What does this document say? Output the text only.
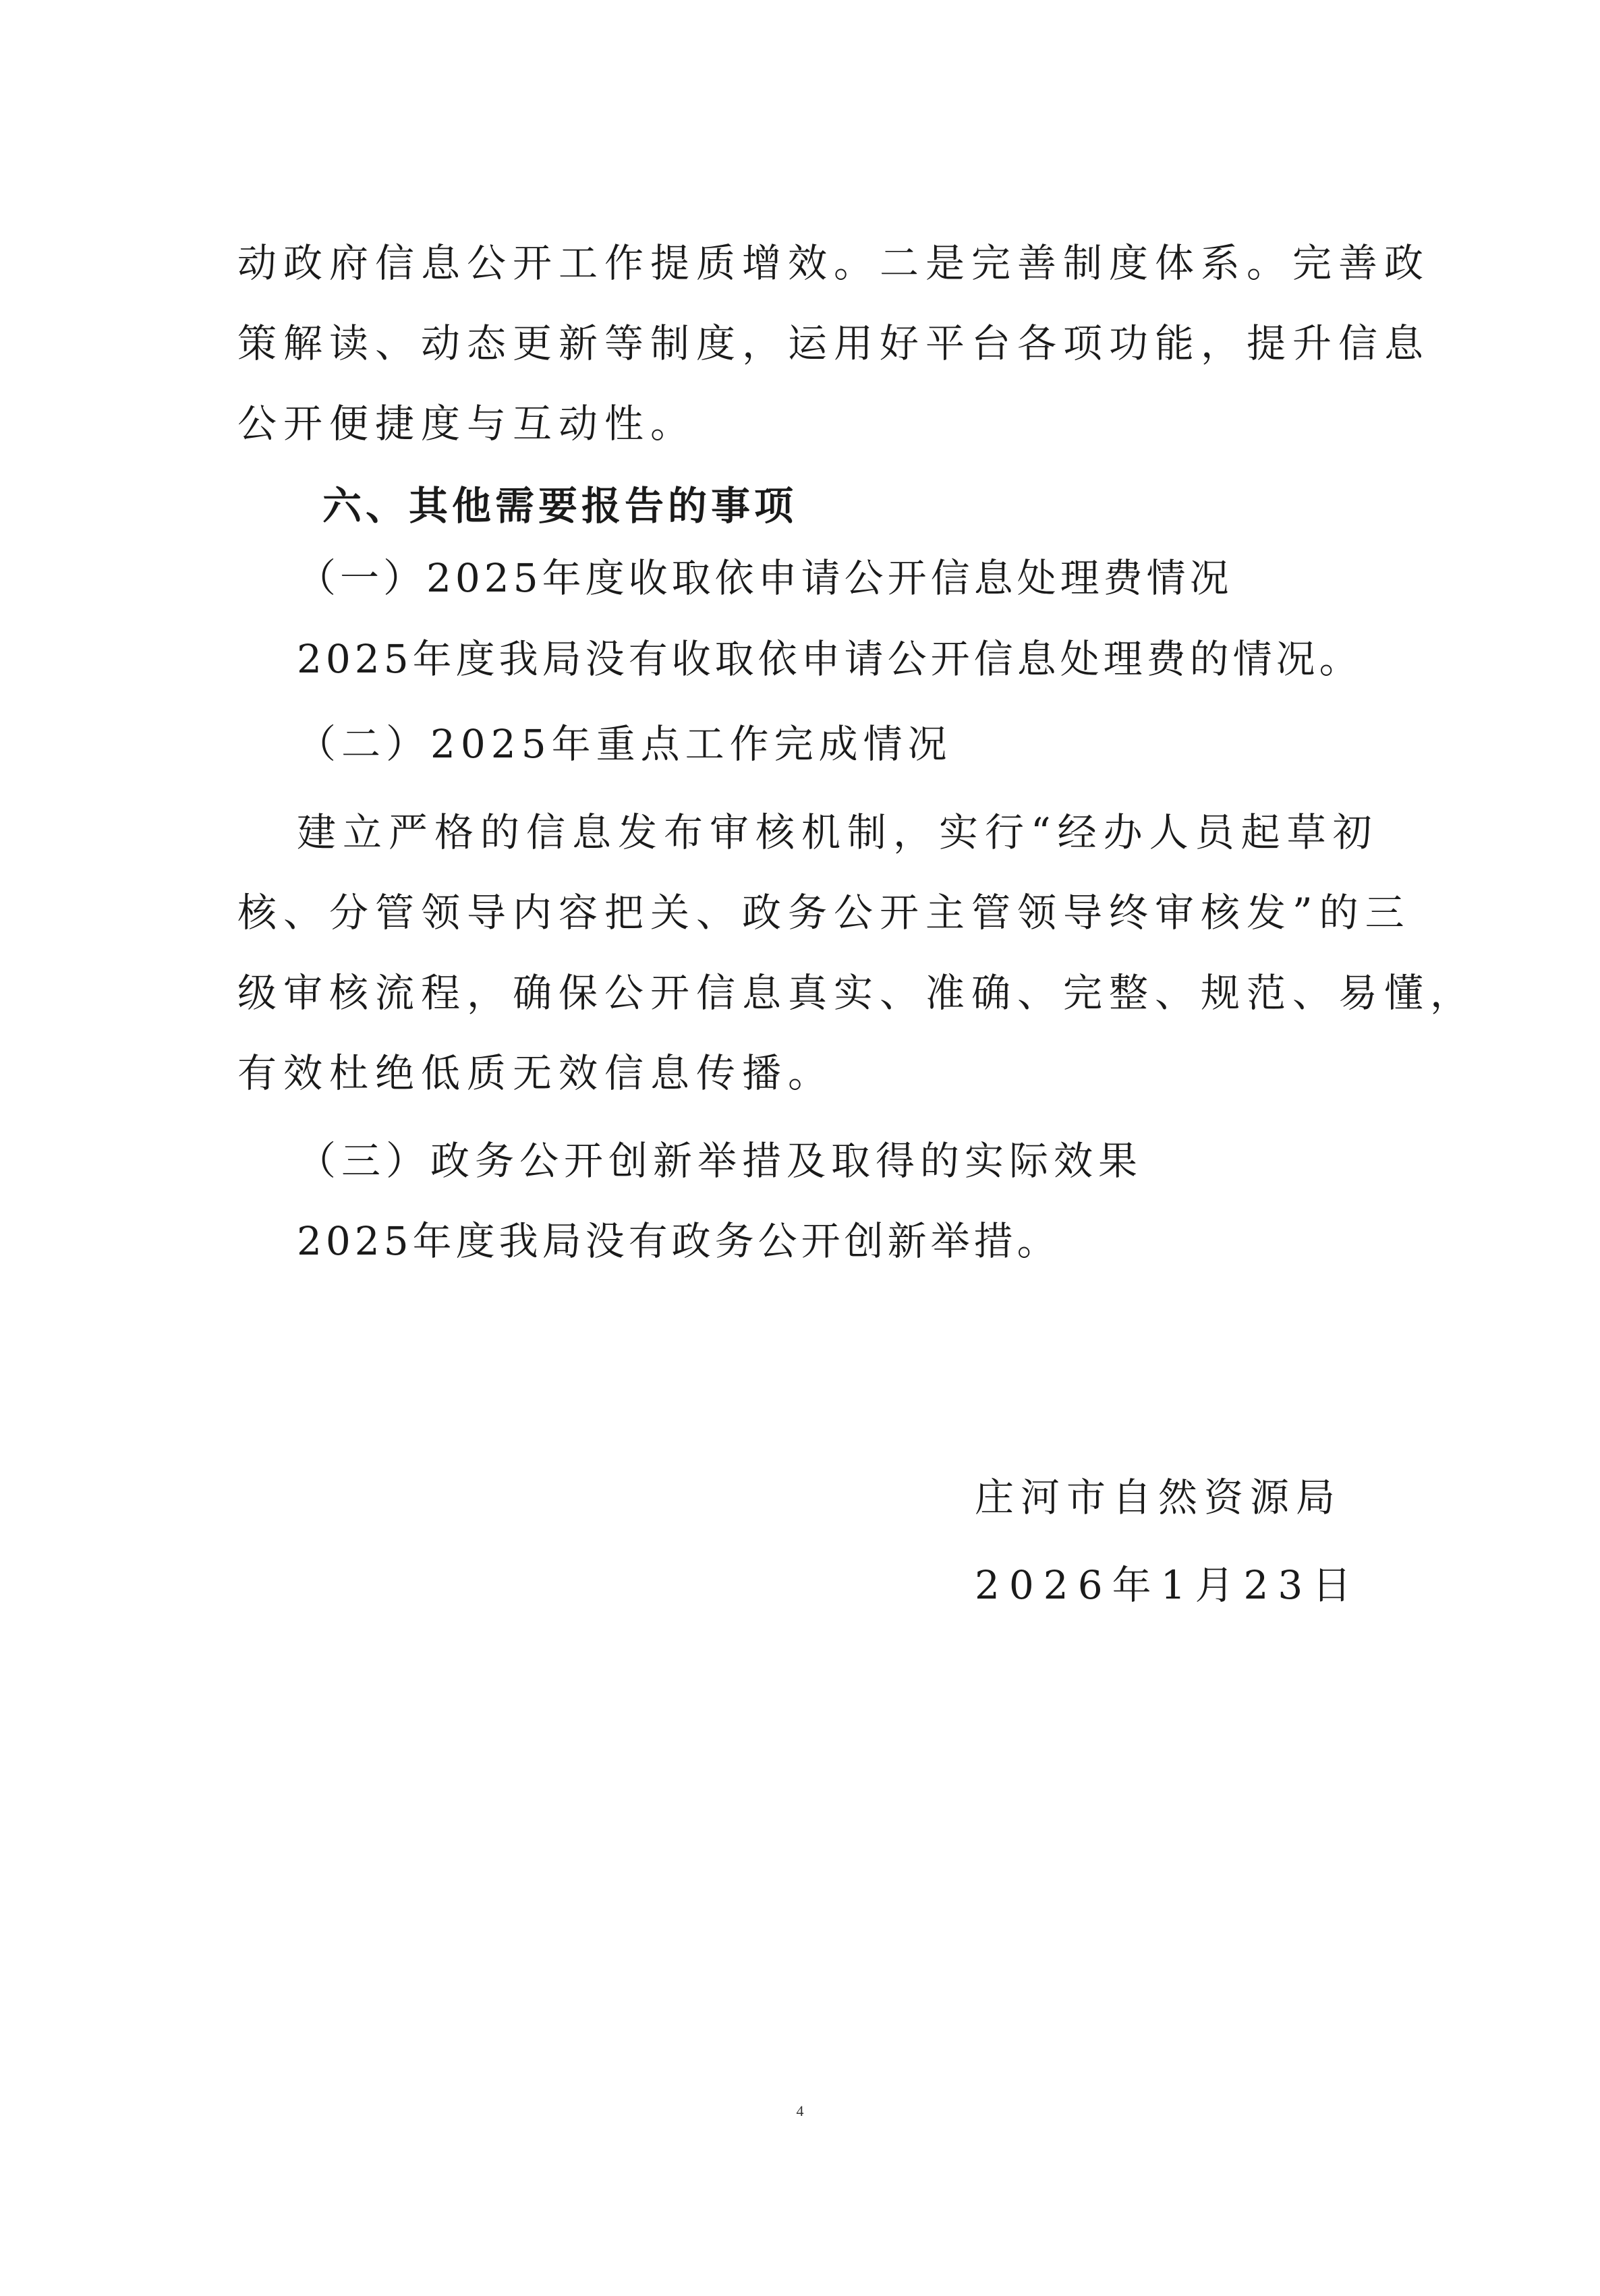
动政府信息公开工作提质增效。二是完善制度体系。完善政
策解读、动态更新等制度，运用好平台各项功能，提升信息
公开便捷度与互动性。
六、其他需要报告的事项
（一）2025年度收取依申请公开信息处理费情况
2025年度我局没有收取依申请公开信息处理费的情况。
（二）2025年重点工作完成情况
建立严格的信息发布审核机制，实行“经办人员起草初
核、分管领导内容把关、政务公开主管领导终审核发”的三
级审核流程，确保公开信息真实、准确、完整、规范、易懂，
有效杜绝低质无效信息传播。
（三）政务公开创新举措及取得的实际效果
2025年度我局没有政务公开创新举措。
庄河市自然资源局
2026年1月23日
4
